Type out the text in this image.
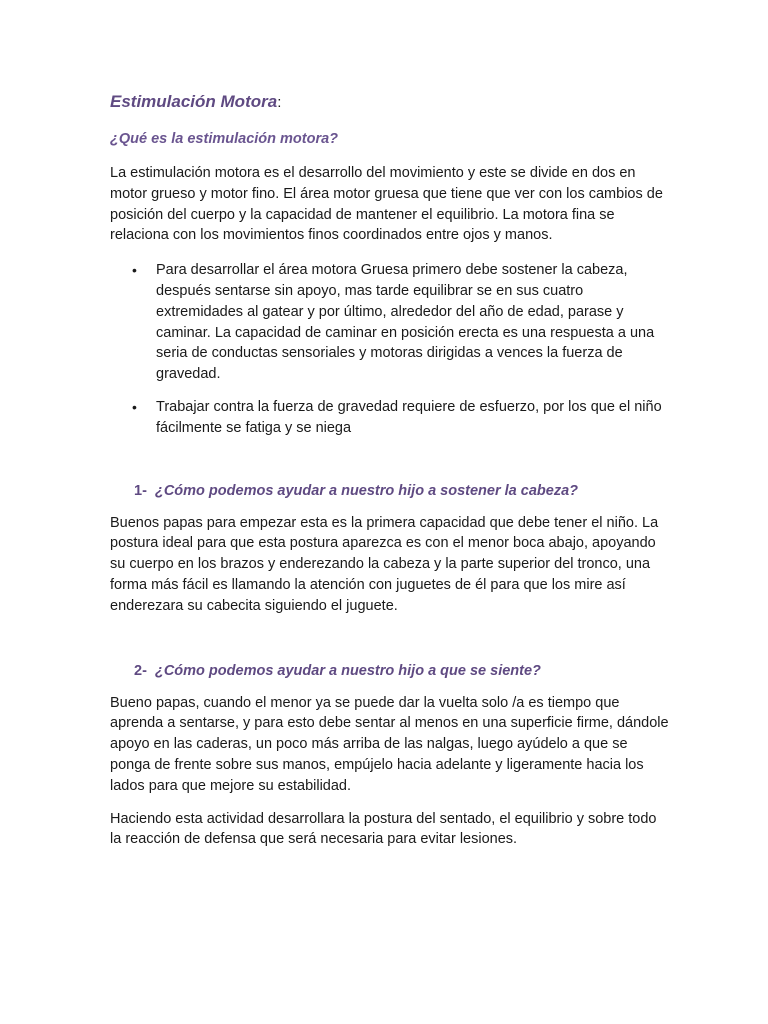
Estimulación Motora:
¿Qué es la estimulación motora?

La estimulación motora es el desarrollo del movimiento y este se divide en dos en motor grueso y motor fino. El área motor gruesa que tiene que ver con los cambios de posición del cuerpo y la capacidad de mantener el equilibrio. La motora fina se relaciona con los movimientos finos coordinados entre ojos y manos.

• Para desarrollar el área motora Gruesa primero debe sostener la cabeza, después sentarse sin apoyo, mas tarde equilibrar se en sus cuatro extremidades al gatear y por último, alrededor del año de edad, parase y caminar. La capacidad de caminar en posición erecta es una respuesta a una seria de conductas sensoriales y motoras dirigidas a vences la fuerza de gravedad.
• Trabajar contra la fuerza de gravedad requiere de esfuerzo, por los que el niño fácilmente se fatiga y se niega
1- ¿Cómo podemos ayudar a nuestro hijo a sostener la cabeza?

Buenos papas para empezar esta es la primera capacidad que debe tener el niño. La postura ideal para que esta postura aparezca es con el menor boca abajo, apoyando su cuerpo en los brazos y enderezando la cabeza y la parte superior del tronco, una forma más fácil es llamando la atención con juguetes de él para que los mire así enderezara su cabecita siguiendo el juguete.

2- ¿Cómo podemos ayudar a nuestro hijo a que se siente?

Bueno papas, cuando el menor ya se puede dar la vuelta solo /a es tiempo que aprenda a sentarse, y para esto debe sentar al menos en una superficie firme, dándole apoyo en las caderas, un poco más arriba de las nalgas, luego ayúdelo a que se ponga de frente sobre sus manos, empújelo hacia adelante y ligeramente hacia los lados para que mejore su estabilidad.

Haciendo esta actividad desarrollara la postura del sentado, el equilibrio y sobre todo la reacción de defensa que será necesaria para evitar lesiones.
